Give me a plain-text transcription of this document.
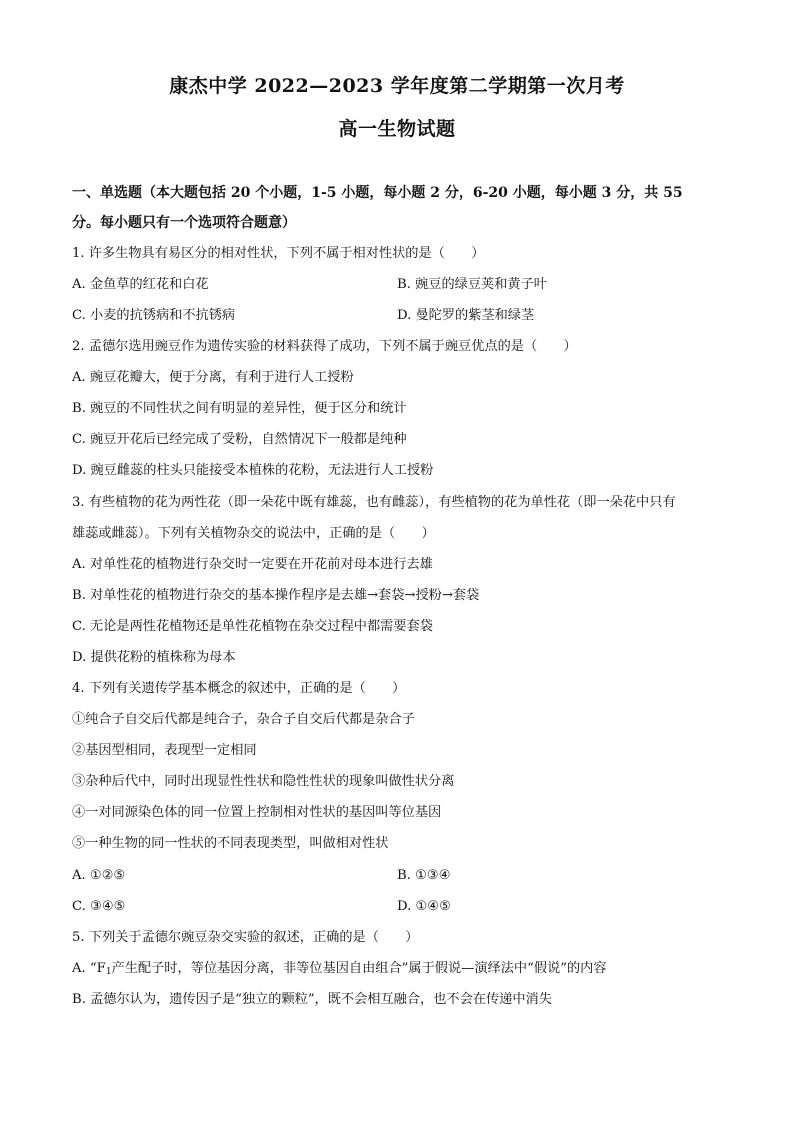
康杰中学 2022—2023 学年度第二学期第一次月考
高一生物试题
一、单选题（本大题包括 20 个小题，1-5 小题，每小题 2 分，6-20 小题，每小题 3 分，共 55
分。每小题只有一个选项符合题意）
1. 许多生物具有易区分的相对性状，下列不属于相对性状的是（　　）
A. 金鱼草的红花和白花	B. 豌豆的绿豆荚和黄子叶
C. 小麦的抗锈病和不抗锈病	D. 曼陀罗的紫茎和绿茎
2. 孟德尔选用豌豆作为遗传实验的材料获得了成功，下列不属于豌豆优点的是（　　）
A. 豌豆花瓣大，便于分离，有利于进行人工授粉
B. 豌豆的不同性状之间有明显的差异性，便于区分和统计
C. 豌豆开花后已经完成了受粉，自然情况下一般都是纯种
D. 豌豆雌蕊的柱头只能接受本植株的花粉，无法进行人工授粉
3. 有些植物的花为两性花（即一朵花中既有雄蕊，也有雌蕊），有些植物的花为单性花（即一朵花中只有
雄蕊或雌蕊）。下列有关植物杂交的说法中，正确的是（　　）
A. 对单性花的植物进行杂交时一定要在开花前对母本进行去雄
B. 对单性花的植物进行杂交的基本操作程序是去雄→套袋→授粉→套袋
C. 无论是两性花植物还是单性花植物在杂交过程中都需要套袋
D. 提供花粉的植株称为母本
4. 下列有关遗传学基本概念的叙述中，正确的是（　　）
①纯合子自交后代都是纯合子，杂合子自交后代都是杂合子
②基因型相同，表现型一定相同
③杂种后代中，同时出现显性性状和隐性性状的现象叫做性状分离
④一对同源染色体的同一位置上控制相对性状的基因叫等位基因
⑤一种生物的同一性状的不同表现类型，叫做相对性状
A. ①②⑤	B. ①③④
C. ③④⑤	D. ①④⑤
5. 下列关于孟德尔豌豆杂交实验的叙述，正确的是（　　）
A. “$F_1$产生配子时，等位基因分离，非等位基因自由组合”属于假说—演绎法中“假说”的内容
B. 孟德尔认为，遗传因子是“独立的颗粒”，既不会相互融合，也不会在传递中消失
